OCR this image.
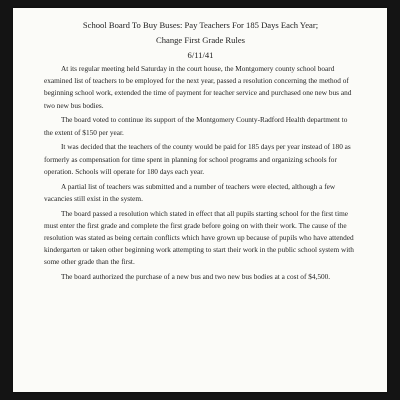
School Board To Buy Buses: Pay Teachers For 185 Days Each Year;

Change First Grade Rules

6/11/41

At its regular meeting held Saturday in the court house, the Montgomery county school board examined list of teachers to be employed for the next year, passed a resolution concerning the method of beginning school work, extended the time of payment for teacher service and purchased one new bus and two new bus bodies.

The board voted to continue its support of the Montgomery County-Radford Health department to the extent of $150 per year.

It was decided that the teachers of the county would be paid for 185 days per year instead of 180 as formerly as compensation for time spent in planning for school programs and organizing schools for operation. Schools will operate for 180 days each year.

A partial list of teachers was submitted and a number of teachers were elected, although a few vacancies still exist in the system.

The board passed a resolution which stated in effect that all pupils starting school for the first time must enter the first grade and complete the first grade before going on with their work. The cause of the resolution was stated as being certain conflicts which have grown up because of pupils who have attended kindergarten or taken other beginning work attempting to start their work in the public school system with some other grade than the first.

The board authorized the purchase of a new bus and two new bus bodies at a cost of $4,500.
